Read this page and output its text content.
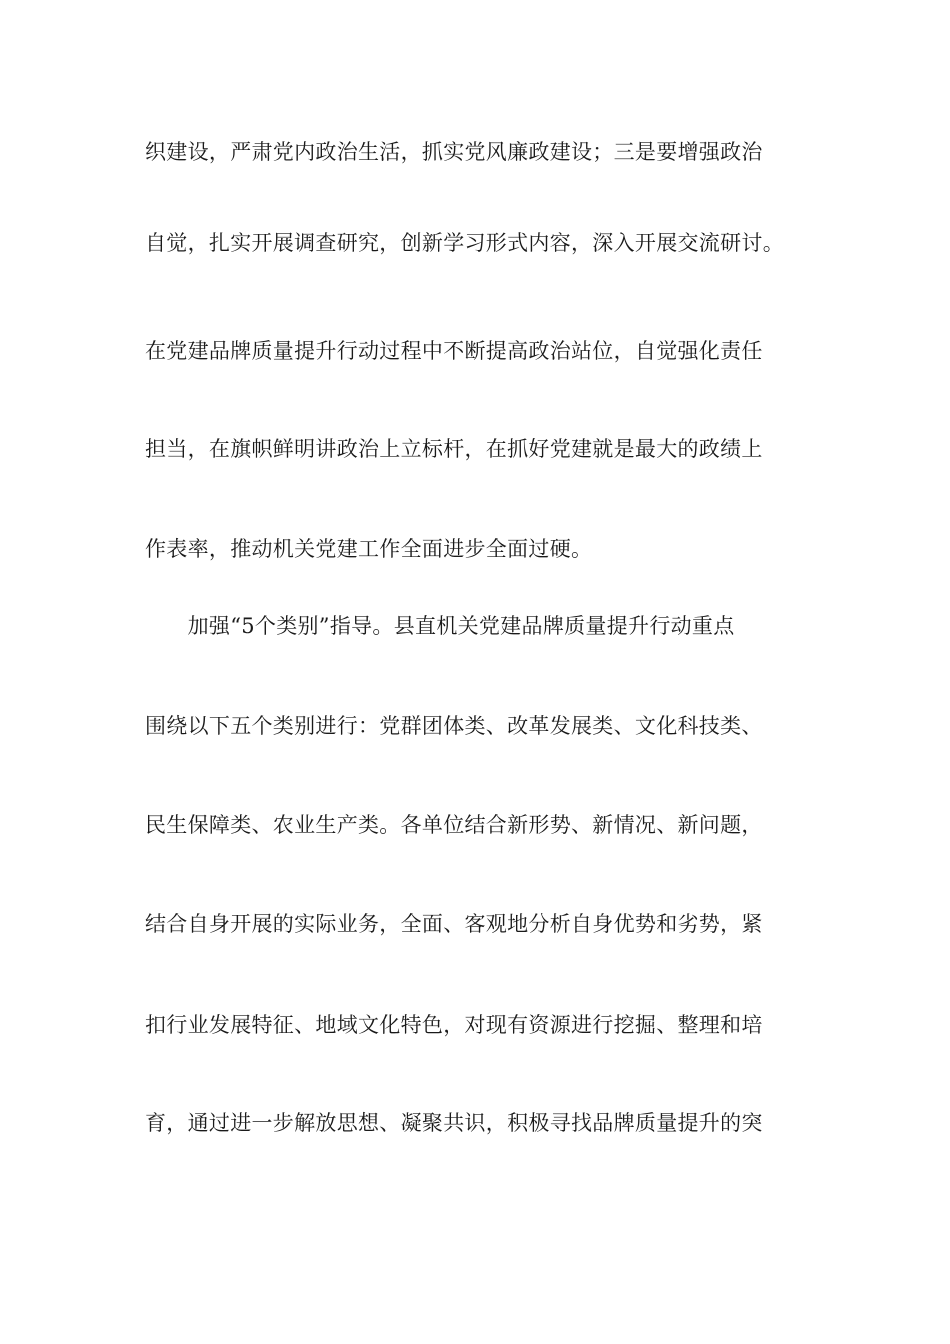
织建设，严肃党内政治生活，抓实党风廉政建设；三是要增强政治
自觉，扎实开展调查研究，创新学习形式内容，深入开展交流研讨。
在党建品牌质量提升行动过程中不断提高政治站位，自觉强化责任
担当，在旗帜鲜明讲政治上立标杆，在抓好党建就是最大的政绩上
作表率，推动机关党建工作全面进步全面过硬。
　　加强“5个类别”指导。县直机关党建品牌质量提升行动重点
围绕以下五个类别进行：党群团体类、改革发展类、文化科技类、
民生保障类、农业生产类。各单位结合新形势、新情况、新问题，
结合自身开展的实际业务，全面、客观地分析自身优势和劣势，紧
扣行业发展特征、地域文化特色，对现有资源进行挖掘、整理和培
育，通过进一步解放思想、凝聚共识，积极寻找品牌质量提升的突
